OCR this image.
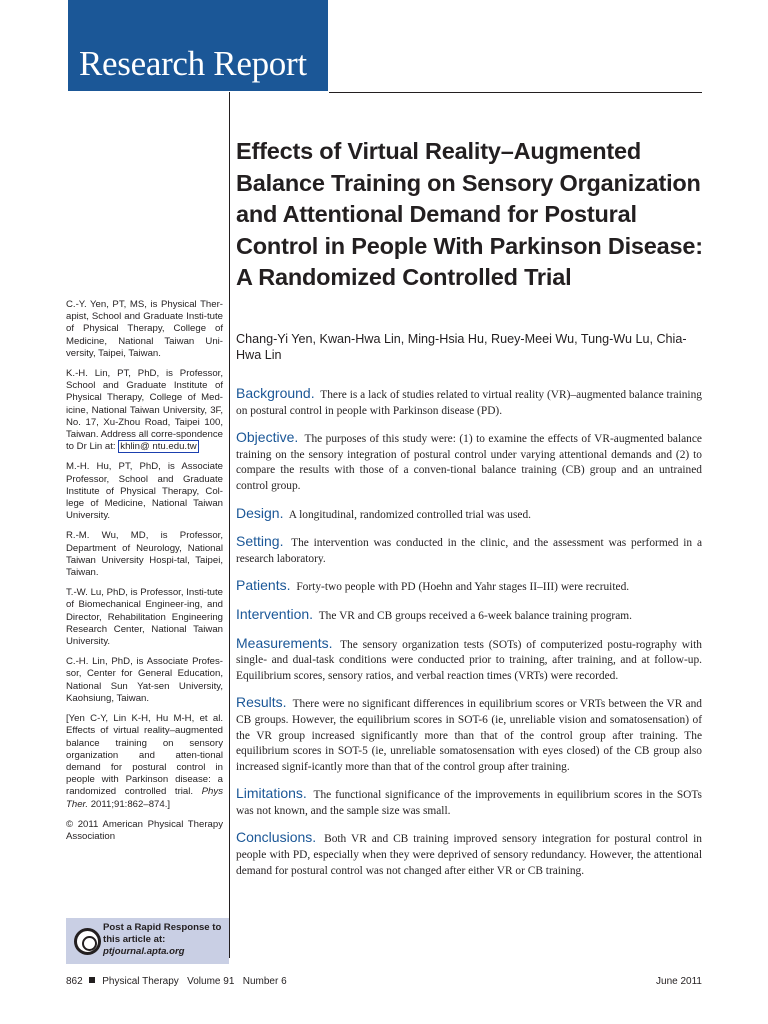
Research Report

C.-Y. Yen, PT, MS, is Physical Ther-apist, School and Graduate Insti-tute of Physical Therapy, College of Medicine, National Taiwan Uni-versity, Taipei, Taiwan.

K.-H. Lin, PT, PhD, is Professor, School and Graduate Institute of Physical Therapy, College of Med-icine, National Taiwan University, 3F, No. 17, Xu-Zhou Road, Taipei 100, Taiwan. Address all corre-spondence to Dr Lin at: khlin@ ntu.edu.tw

M.-H. Hu, PT, PhD, is Associate Professor, School and Graduate Institute of Physical Therapy, Col-lege of Medicine, National Taiwan University.

R.-M. Wu, MD, is Professor, Department of Neurology, National Taiwan University Hospi-tal, Taipei, Taiwan.

T.-W. Lu, PhD, is Professor, Insti-tute of Biomechanical Engineer-ing, and Director, Rehabilitation Engineering Research Center, National Taiwan University.

C.-H. Lin, PhD, is Associate Profes-sor, Center for General Education, National Sun Yat-sen University, Kaohsiung, Taiwan.

[Yen C-Y, Lin K-H, Hu M-H, et al. Effects of virtual reality–augmented balance training on sensory organization and atten-tional demand for postural control in people with Parkinson disease: a randomized controlled trial. Phys Ther. 2011;91:862–874.]

© 2011 American Physical Therapy Association

Post a Rapid Response to this article at:
ptjournal.apta.org
Effects of Virtual Reality–Augmented Balance Training on Sensory Organization and Attentional Demand for Postural Control in People With Parkinson Disease: A Randomized Controlled Trial
Chang-Yi Yen, Kwan-Hwa Lin, Ming-Hsia Hu, Ruey-Meei Wu, Tung-Wu Lu, Chia-Hwa Lin

Background. There is a lack of studies related to virtual reality (VR)–augmented balance training on postural control in people with Parkinson disease (PD).

Objective. The purposes of this study were: (1) to examine the effects of VR-augmented balance training on the sensory integration of postural control under varying attentional demands and (2) to compare the results with those of a conven-tional balance training (CB) group and an untrained control group.

Design. A longitudinal, randomized controlled trial was used.

Setting. The intervention was conducted in the clinic, and the assessment was performed in a research laboratory.

Patients. Forty-two people with PD (Hoehn and Yahr stages II–III) were recruited.

Intervention. The VR and CB groups received a 6-week balance training program.

Measurements. The sensory organization tests (SOTs) of computerized postu-rography with single- and dual-task conditions were conducted prior to training, after training, and at follow-up. Equilibrium scores, sensory ratios, and verbal reaction times (VRTs) were recorded.

Results. There were no significant differences in equilibrium scores or VRTs between the VR and CB groups. However, the equilibrium scores in SOT-6 (ie, unreliable vision and somatosensation) of the VR group increased significantly more than that of the control group after training. The equilibrium scores in SOT-5 (ie, unreliable somatosensation with eyes closed) of the CB group also increased signif-icantly more than that of the control group after training.

Limitations. The functional significance of the improvements in equilibrium scores in the SOTs was not known, and the sample size was small.

Conclusions. Both VR and CB training improved sensory integration for postural control in people with PD, especially when they were deprived of sensory redundancy. However, the attentional demand for postural control was not changed after either VR or CB training.

862 Physical Therapy Volume 91 Number 6	June 2011
